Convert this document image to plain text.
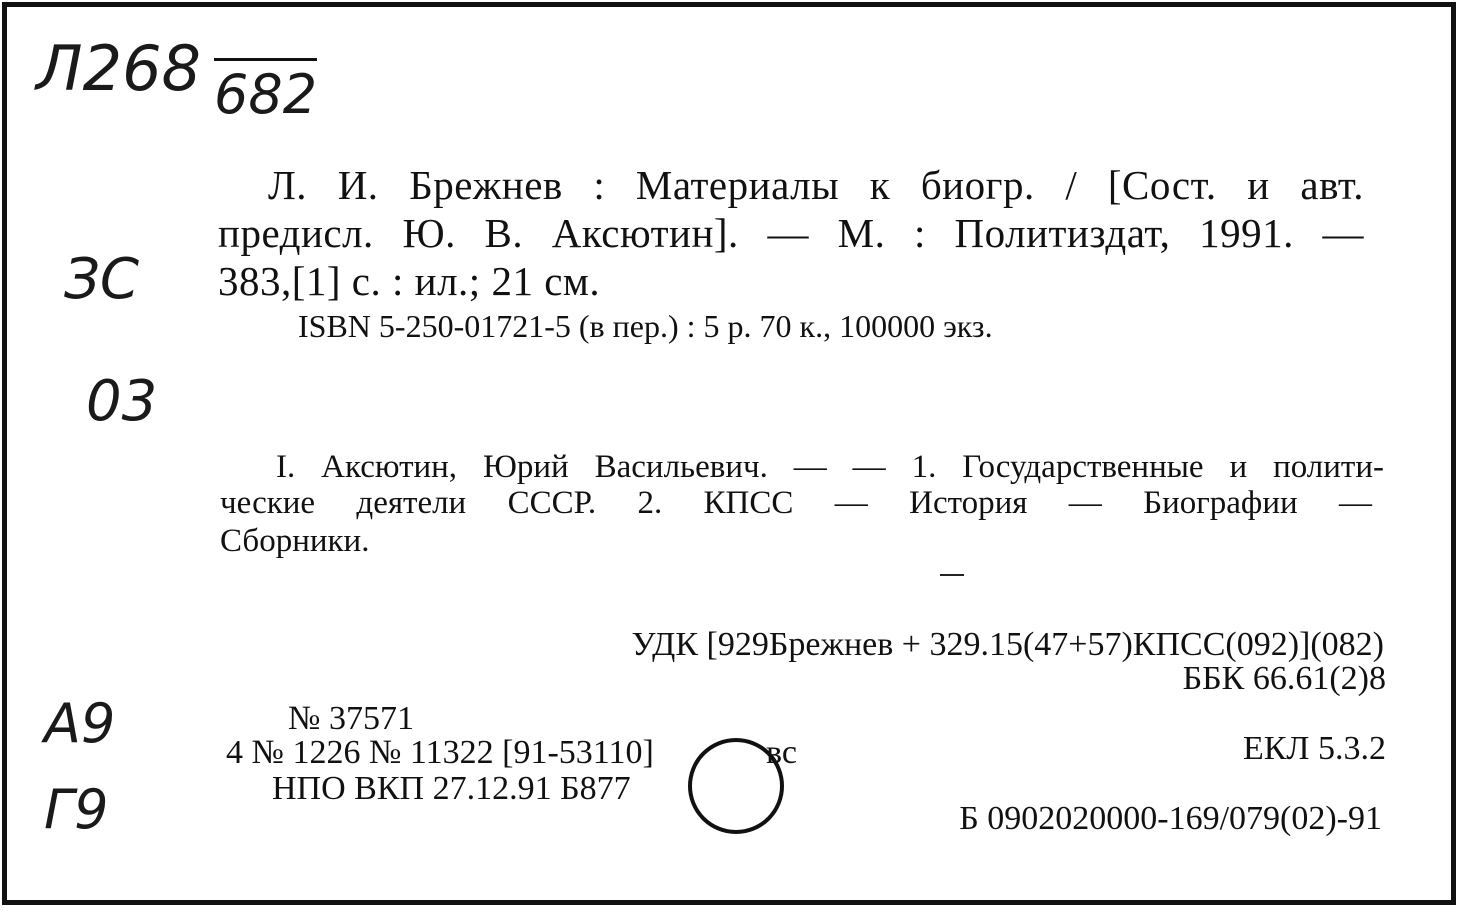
Л268 682
ЗС
03
А9
Г9
Л. И. Брежнев : Материалы к биогр. / [Сост. и авт.
предисл. Ю. В. Аксютин]. — М. : Политиздат, 1991. —
383,[1] с. : ил.; 21 см.
ISBN 5-250-01721-5 (в пер.) : 5 р. 70 к., 100000 экз.
I. Аксютин, Юрий Васильевич. — — 1. Государственные и полити-
ческие деятели СССР. 2. КПСС — История — Биографии —
Сборники.
УДК [929Брежнев + 329.15(47+57)КПСС(092)](082)
ББК 66.61(2)8
ЕКЛ 5.3.2
Б 0902020000-169/079(02)-91
№ 37571
4 № 1226 № 11322 [91-53110]	вс
НПО ВКП 27.12.91 Б877
